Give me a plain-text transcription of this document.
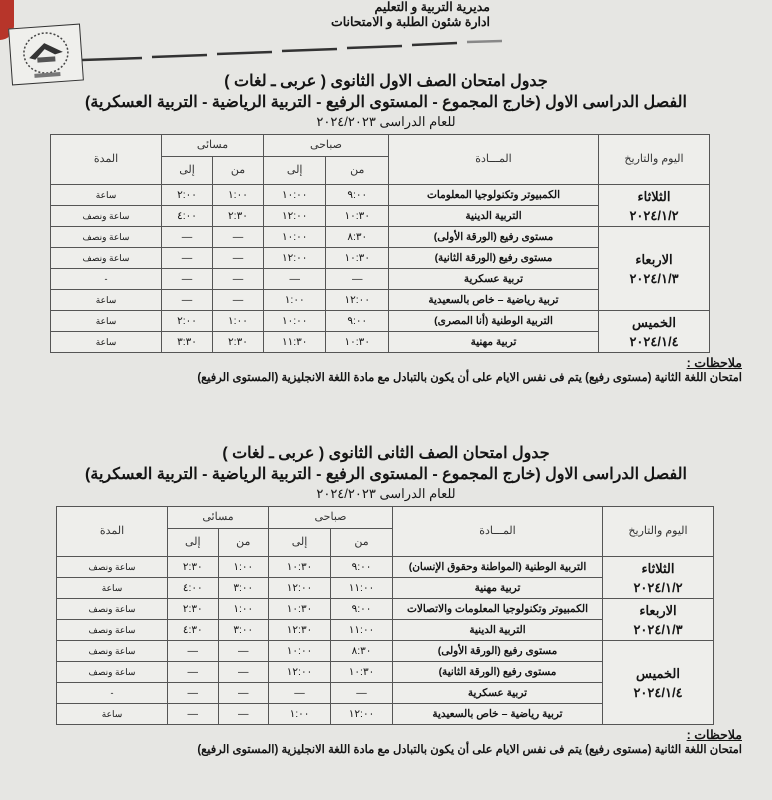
مديرية التربية و التعليم
ادارة شئون الطلبة و الامتحانات
جدول امتحان الصف الاول الثانوى ( عربى ـ لغات )
الفصل الدراسى الاول (خارج المجموع - المستوى الرفيع - التربية الرياضية - التربية العسكرية)
للعام الدراسى ٢٠٢٤/٢٠٢٣
اليوم والتاريخ	المـــادة	صباحى		مسائى		المدة
		من	إلى	من	إلى	

الثلاثاء
٢٠٢٤/١/٢	الكمبيوتر وتكنولوجيا المعلومات	٩:٠٠	١٠:٠٠	١:٠٠	٢:٠٠	ساعة
	التربية الدينية	١٠:٣٠	١٢:٠٠	٢:٣٠	٤:٠٠	ساعة ونصف

الاربعاء
٢٠٢٤/١/٣	مستوى رفيع (الورقة الأولى)	٨:٣٠	١٠:٠٠	—	—	ساعة ونصف
	مستوى رفيع (الورقة الثانية)	١٠:٣٠	١٢:٠٠	—	—	ساعة ونصف
	تربية عسكرية	—	—	—	—	-
	تربية رياضية – خاص بالسعيدية	١٢:٠٠	١:٠٠	—	—	ساعة

الخميس
٢٠٢٤/١/٤	التربية الوطنية (أنا المصرى)	٩:٠٠	١٠:٠٠	١:٠٠	٢:٠٠	ساعة
	تربية مهنية	١٠:٣٠	١١:٣٠	٢:٣٠	٣:٣٠	ساعة
ملاحظات :
امتحان اللغة الثانية (مستوى رفيع) يتم فى نفس الايام على أن يكون بالتبادل مع مادة اللغة الانجليزية (المستوى الرفيع)
جدول امتحان الصف الثانى الثانوى ( عربى ـ لغات )
الفصل الدراسى الاول (خارج المجموع - المستوى الرفيع - التربية الرياضية - التربية العسكرية)
للعام الدراسى ٢٠٢٤/٢٠٢٣
اليوم والتاريخ	المـــادة	صباحى		مسائى		المدة
		من	إلى	من	إلى	

الثلاثاء
٢٠٢٤/١/٢	التربية الوطنية (المواطنة وحقوق الإنسان)	٩:٠٠	١٠:٣٠	١:٠٠	٢:٣٠	ساعة ونصف
	تربية مهنية	١١:٠٠	١٢:٠٠	٣:٠٠	٤:٠٠	ساعة

الاربعاء
٢٠٢٤/١/٣	الكمبيوتر وتكنولوجيا المعلومات والاتصالات	٩:٠٠	١٠:٣٠	١:٠٠	٢:٣٠	ساعة ونصف
	التربية الدينية	١١:٠٠	١٢:٣٠	٣:٠٠	٤:٣٠	ساعة ونصف

الخميس
٢٠٢٤/١/٤	مستوى رفيع (الورقة الأولى)	٨:٣٠	١٠:٠٠	—	—	ساعة ونصف
	مستوى رفيع (الورقة الثانية)	١٠:٣٠	١٢:٠٠	—	—	ساعة ونصف
	تربية عسكرية	—	—	—	—	-
	تربية رياضية – خاص بالسعيدية	١٢:٠٠	١:٠٠	—	—	ساعة
ملاحظات :
امتحان اللغة الثانية (مستوى رفيع) يتم فى نفس الايام على أن يكون بالتبادل مع مادة اللغة الانجليزية (المستوى الرفيع)
